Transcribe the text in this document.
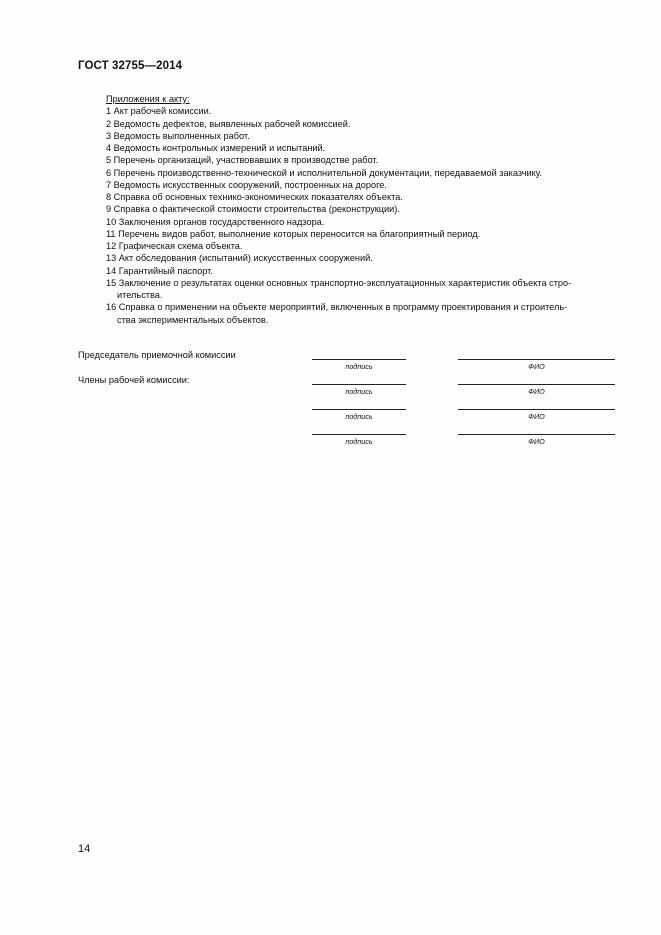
ГОСТ 32755—2014
Приложения к акту:
1 Акт рабочей комиссии.
2 Ведомость дефектов, выявленных рабочей комиссией.
3 Ведомость выполненных работ.
4 Ведомость контрольных измерений и испытаний.
5 Перечень организаций, участвовавших в производстве работ.
6 Перечень производственно-технической и исполнительной документации, передаваемой заказчику.
7 Ведомость искусственных сооружений, построенных на дороге.
8 Справка об основных технико-экономических показателях объекта.
9 Справка о фактической стоимости строительства (реконструкции).
10 Заключения органов государственного надзора.
11 Перечень видов работ, выполнение которых переносится на благоприятный период.
12 Графическая схема объекта.
13 Акт обследования (испытаний) искусственных сооружений.
14 Гарантийный паспорт.
15 Заключение о результатах оценки основных транспортно-эксплуатационных характеристик объекта стро-
ительства.
16 Справка о применении на объекте мероприятий, включенных в программу проектирования и строитель-
ства экспериментальных объектов.
Председатель приемочной комиссии
Члены рабочей комиссии:
подпись	ФИО
подпись	ФИО
подпись	ФИО
подпись	ФИО
14
